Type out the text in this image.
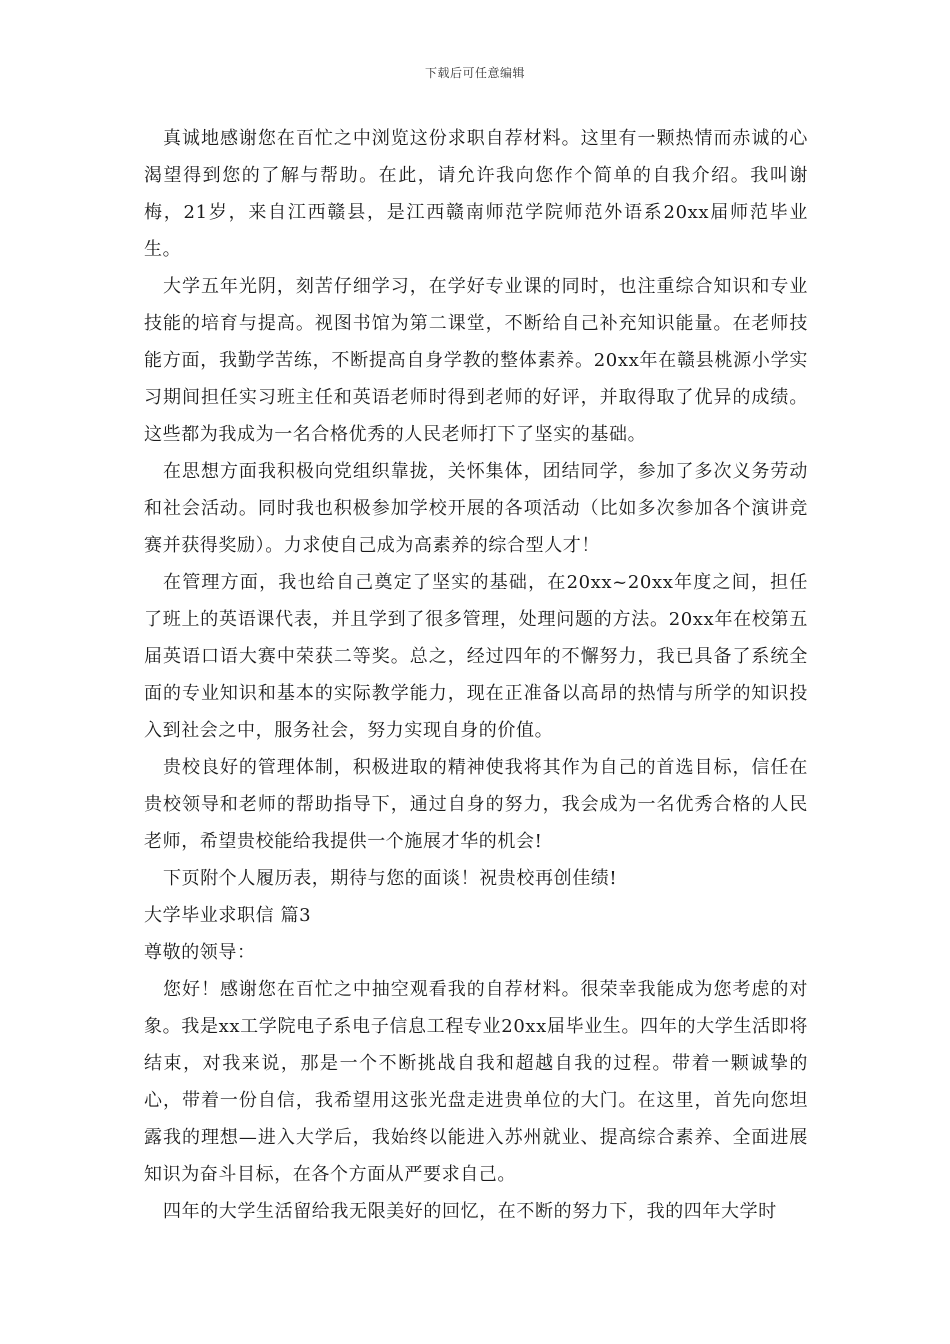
下载后可任意编辑

真诚地感谢您在百忙之中浏览这份求职自荐材料。这里有一颗热情而赤诚的心渴望得到您的了解与帮助。在此，请允许我向您作个简单的自我介绍。我叫谢梅，21岁，来自江西赣县，是江西赣南师范学院师范外语系20xx届师范毕业生。

大学五年光阴，刻苦仔细学习，在学好专业课的同时，也注重综合知识和专业技能的培育与提高。视图书馆为第二课堂，不断给自己补充知识能量。在老师技能方面，我勤学苦练，不断提高自身学教的整体素养。20xx年在赣县桃源小学实习期间担任实习班主任和英语老师时得到老师的好评，并取得取了优异的成绩。这些都为我成为一名合格优秀的人民老师打下了坚实的基础。

在思想方面我积极向党组织靠拢，关怀集体，团结同学，参加了多次义务劳动和社会活动。同时我也积极参加学校开展的各项活动（比如多次参加各个演讲竞赛并获得奖励）。力求使自己成为高素养的综合型人才！

在管理方面，我也给自己奠定了坚实的基础，在20xx~20xx年度之间，担任了班上的英语课代表，并且学到了很多管理，处理问题的方法。20xx年在校第五届英语口语大赛中荣获二等奖。总之，经过四年的不懈努力，我已具备了系统全面的专业知识和基本的实际教学能力，现在正准备以高昂的热情与所学的知识投入到社会之中，服务社会，努力实现自身的价值。

贵校良好的管理体制，积极进取的精神使我将其作为自己的首选目标，信任在贵校领导和老师的帮助指导下，通过自身的努力，我会成为一名优秀合格的人民老师，希望贵校能给我提供一个施展才华的机会!

下页附个人履历表，期待与您的面谈！祝贵校再创佳绩!

大学毕业求职信 篇3

尊敬的领导：

您好！感谢您在百忙之中抽空观看我的自荐材料。很荣幸我能成为您考虑的对象。我是xx工学院电子系电子信息工程专业20xx届毕业生。四年的大学生活即将结束，对我来说，那是一个不断挑战自我和超越自我的过程。带着一颗诚挚的心，带着一份自信，我希望用这张光盘走进贵单位的大门。在这里，首先向您坦露我的理想—进入大学后，我始终以能进入苏州就业、提高综合素养、全面进展知识为奋斗目标，在各个方面从严要求自己。

四年的大学生活留给我无限美好的回忆，在不断的努力下，我的四年大学时
